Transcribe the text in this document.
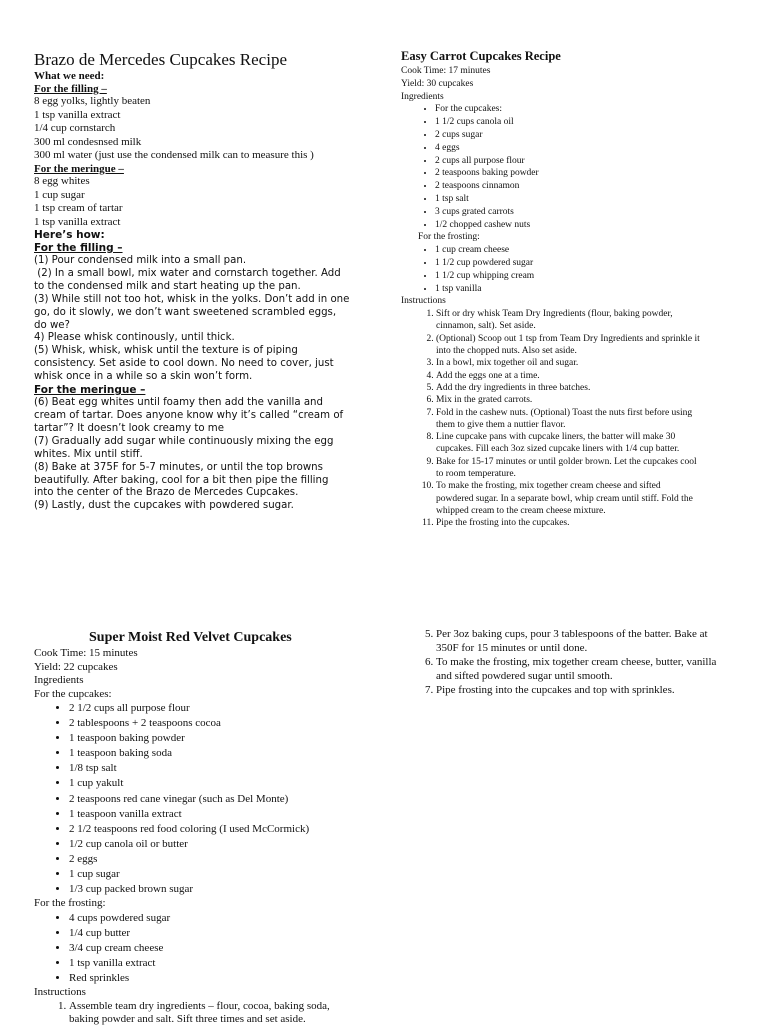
Brazo de Mercedes Cupcakes Recipe
What we need:
For the filling –
8 egg yolks, lightly beaten
1 tsp vanilla extract
1/4 cup cornstarch
300 ml condesnsed milk
300 ml water (just use the condensed milk can to measure this )
For the meringue –
8 egg whites
1 cup sugar
1 tsp cream of tartar
1 tsp vanilla extract
Here’s how:
For the filling –
(1) Pour condensed milk into a small pan.
(2) In a small bowl, mix water and cornstarch together. Add
to the condensed milk and start heating up the pan.
(3) While still not too hot, whisk in the yolks. Don’t add in one
go, do it slowly, we don’t want sweetened scrambled eggs,
do we?
4) Please whisk continously, until thick.
(5) Whisk, whisk, whisk until the texture is of piping
consistency. Set aside to cool down. No need to cover, just
whisk once in a while so a skin won’t form.
For the meringue –
(6) Beat egg whites until foamy then add the vanilla and
cream of tartar. Does anyone know why it’s called “cream of
tartar”? It doesn’t look creamy to me
(7) Gradually add sugar while continuously mixing the egg
whites. Mix until stiff.
(8) Bake at 375F for 5-7 minutes, or until the top browns
beautifully. After baking, cool for a bit then pipe the filling
into the center of the Brazo de Mercedes Cupcakes.
(9) Lastly, dust the cupcakes with powdered sugar.
Easy Carrot Cupcakes Recipe
Cook Time: 17 minutes
Yield: 30 cupcakes
Ingredients
• For the cupcakes:
• 1 1/2 cups canola oil
• 2 cups sugar
• 4 eggs
• 2 cups all purpose flour
• 2 teaspoons baking powder
• 2 teaspoons cinnamon
• 1 tsp salt
• 3 cups grated carrots
• 1/2 chopped cashew nuts
For the frosting:
• 1 cup cream cheese
• 1 1/2 cup powdered sugar
• 1 1/2 cup whipping cream
• 1 tsp vanilla
Instructions
1. Sift or dry whisk Team Dry Ingredients (flour, baking powder,
cinnamon, salt). Set aside.
2. (Optional) Scoop out 1 tsp from Team Dry Ingredients and sprinkle it
into the chopped nuts. Also set aside.
3. In a bowl, mix together oil and sugar.
4. Add the eggs one at a time.
5. Add the dry ingredients in three batches.
6. Mix in the grated carrots.
7. Fold in the cashew nuts. (Optional) Toast the nuts first before using
them to give them a nuttier flavor.
8. Line cupcake pans with cupcake liners, the batter will make 30
cupcakes. Fill each 3oz sized cupcake liners with 1/4 cup batter.
9. Bake for 15-17 minutes or until golder brown. Let the cupcakes cool
to room temperature.
10. To make the frosting, mix together cream cheese and sifted
powdered sugar. In a separate bowl, whip cream until stiff. Fold the
whipped cream to the cream cheese mixture.
11. Pipe the frosting into the cupcakes.
Super Moist Red Velvet Cupcakes
Cook Time: 15 minutes
Yield: 22 cupcakes
Ingredients
For the cupcakes:
• 2 1/2 cups all purpose flour
• 2 tablespoons + 2 teaspoons cocoa
• 1 teaspoon baking powder
• 1 teaspoon baking soda
• 1/8 tsp salt
• 1 cup yakult
• 2 teaspoons red cane vinegar (such as Del Monte)
• 1 teaspoon vanilla extract
• 2 1/2 teaspoons red food coloring (I used McCormick)
• 1/2 cup canola oil or butter
• 2 eggs
• 1 cup sugar
• 1/3 cup packed brown sugar
For the frosting:
• 4 cups powdered sugar
• 1/4 cup butter
• 3/4 cup cream cheese
• 1 tsp vanilla extract
• Red sprinkles
Instructions
1. Assemble team dry ingredients – flour, cocoa, baking soda,
baking powder and salt. Sift three times and set aside.
5. Per 3oz baking cups, pour 3 tablespoons of the batter. Bake at
350F for 15 minutes or until done.
6. To make the frosting, mix together cream cheese, butter, vanilla
and sifted powdered sugar until smooth.
7. Pipe frosting into the cupcakes and top with sprinkles.
